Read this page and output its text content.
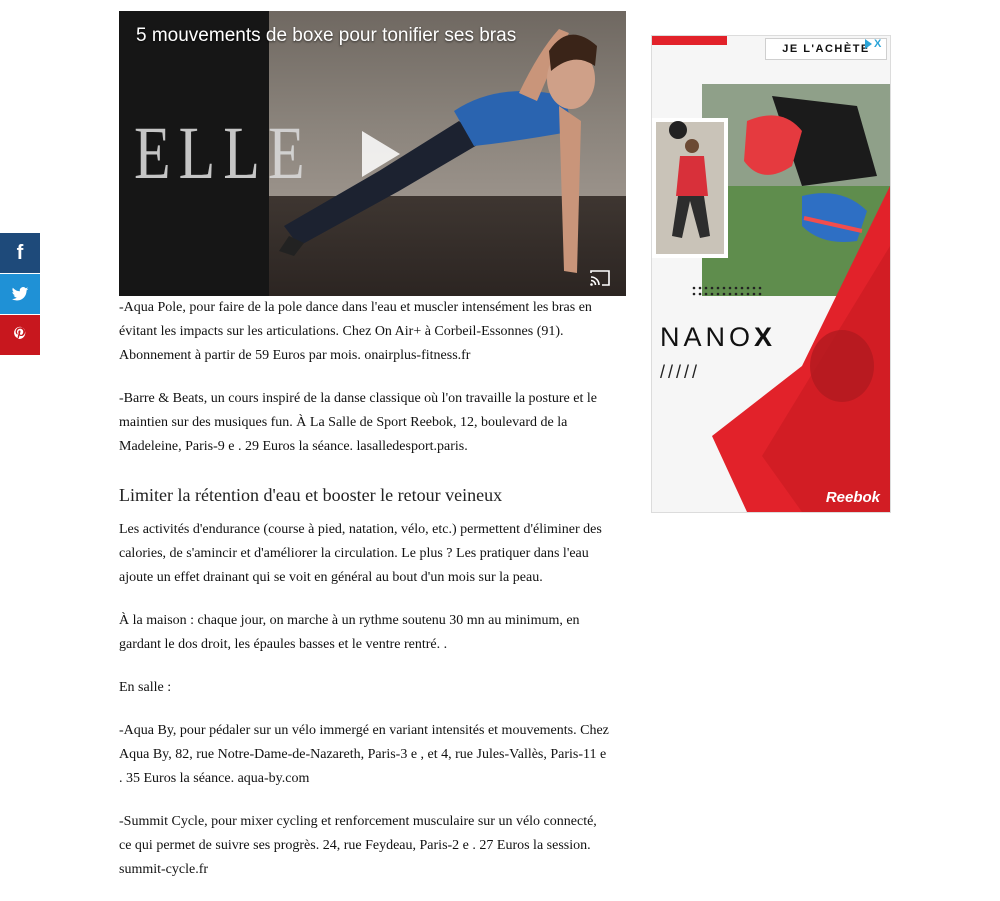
f
ELLE
5 mouvements de boxe pour tonifier ses bras

-Aqua Pole, pour faire de la pole dance dans l'eau et muscler intensément les bras en évitant les impacts sur les articulations. Chez On Air+ à Corbeil-Essonnes (91). Abonnement à partir de 59 Euros par mois. onairplus-fitness.fr

-Barre & Beats, un cours inspiré de la danse classique où l'on travaille la posture et le maintien sur des musiques fun. À La Salle de Sport Reebok, 12, boulevard de la Madeleine, Paris-9 e . 29 Euros la séance. lasalledesport.paris.

Limiter la rétention d'eau et booster le retour veineux

Les activités d'endurance (course à pied, natation, vélo, etc.) permettent d'éliminer des calories, de s'amincir et d'améliorer la circulation. Le plus ? Les pratiquer dans l'eau ajoute un effet drainant qui se voit en général au bout d'un mois sur la peau.

À la maison : chaque jour, on marche à un rythme soutenu 30 mn au minimum, en gardant le dos droit, les épaules basses et le ventre rentré. .

En salle :

-Aqua By, pour pédaler sur un vélo immergé en variant intensités et mouvements. Chez Aqua By, 82, rue Notre-Dame-de-Nazareth, Paris-3 e , et 4, rue Jules-Vallès, Paris-11 e . 35 Euros la séance. aqua-by.com

-Summit Cycle, pour mixer cycling et renforcement musculaire sur un vélo connecté, ce qui permet de suivre ses progrès. 24, rue Feydeau, Paris-2 e . 27 Euros la session. summit-cycle.fr

JE L'ACHÈTE X
NANOX
/////
Reebok
